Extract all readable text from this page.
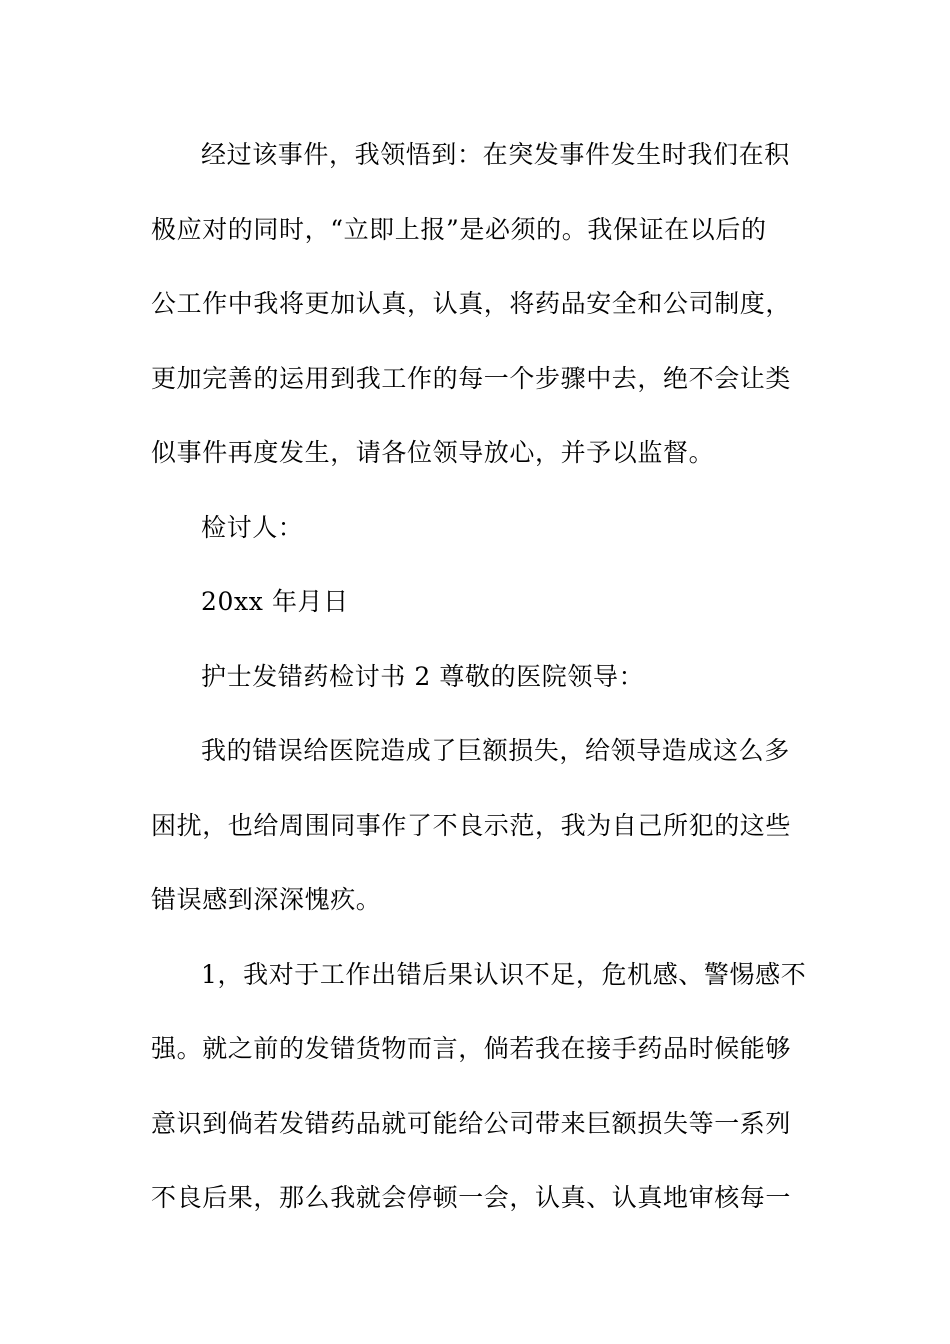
经过该事件，我领悟到：在突发事件发生时我们在积
极应对的同时，“立即上报”是必须的。我保证在以后的
公工作中我将更加认真，认真，将药品安全和公司制度，
更加完善的运用到我工作的每一个步骤中去，绝不会让类
似事件再度发生，请各位领导放心，并予以监督。
检讨人：
20xx 年月日
护士发错药检讨书 2 尊敬的医院领导：
我的错误给医院造成了巨额损失，给领导造成这么多
困扰，也给周围同事作了不良示范，我为自己所犯的这些
错误感到深深愧疚。
1，我对于工作出错后果认识不足，危机感、警惕感不
强。就之前的发错货物而言，倘若我在接手药品时候能够
意识到倘若发错药品就可能给公司带来巨额损失等一系列
不良后果，那么我就会停顿一会，认真、认真地审核每一
